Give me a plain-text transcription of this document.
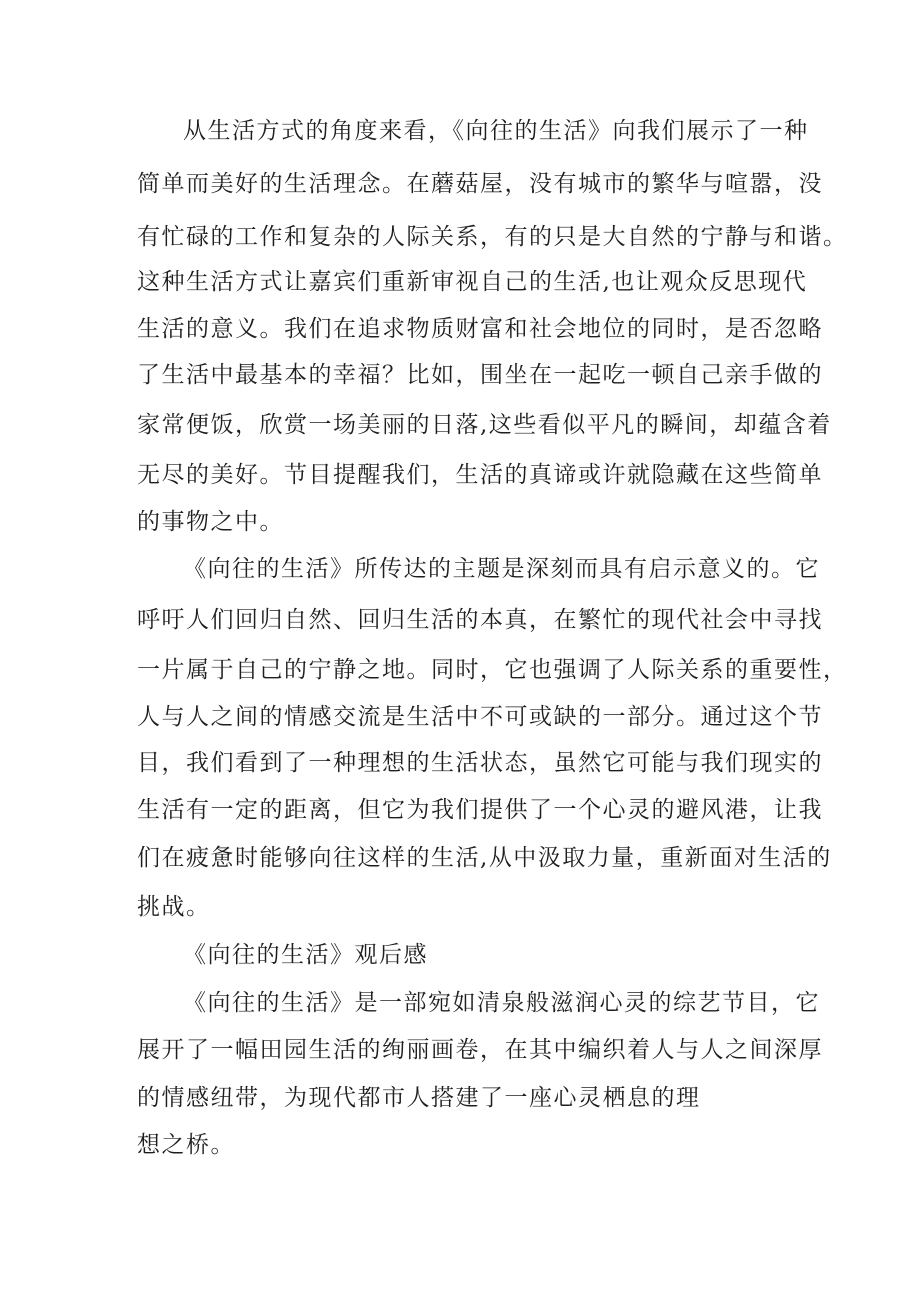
从生活方式的角度来看，《向往的生活》向我们展示了一种
简单而美好的生活理念。在蘑菇屋，没有城市的繁华与喧嚣，没
有忙碌的工作和复杂的人际关系，有的只是大自然的宁静与和谐。
这种生活方式让嘉宾们重新审视自己的生活,也让观众反思现代
生活的意义。我们在追求物质财富和社会地位的同时，是否忽略
了生活中最基本的幸福？比如，围坐在一起吃一顿自己亲手做的
家常便饭，欣赏一场美丽的日落,这些看似平凡的瞬间，却蕴含着
无尽的美好。节目提醒我们，生活的真谛或许就隐藏在这些简单
的事物之中。
《向往的生活》所传达的主题是深刻而具有启示意义的。它
呼吁人们回归自然、回归生活的本真，在繁忙的现代社会中寻找
一片属于自己的宁静之地。同时，它也强调了人际关系的重要性，
人与人之间的情感交流是生活中不可或缺的一部分。通过这个节
目，我们看到了一种理想的生活状态，虽然它可能与我们现实的
生活有一定的距离，但它为我们提供了一个心灵的避风港，让我
们在疲惫时能够向往这样的生活,从中汲取力量，重新面对生活的
挑战。
《向往的生活》观后感
《向往的生活》是一部宛如清泉般滋润心灵的综艺节目，它
展开了一幅田园生活的绚丽画卷，在其中编织着人与人之间深厚
的情感纽带，为现代都市人搭建了一座心灵栖息的理
想之桥。
